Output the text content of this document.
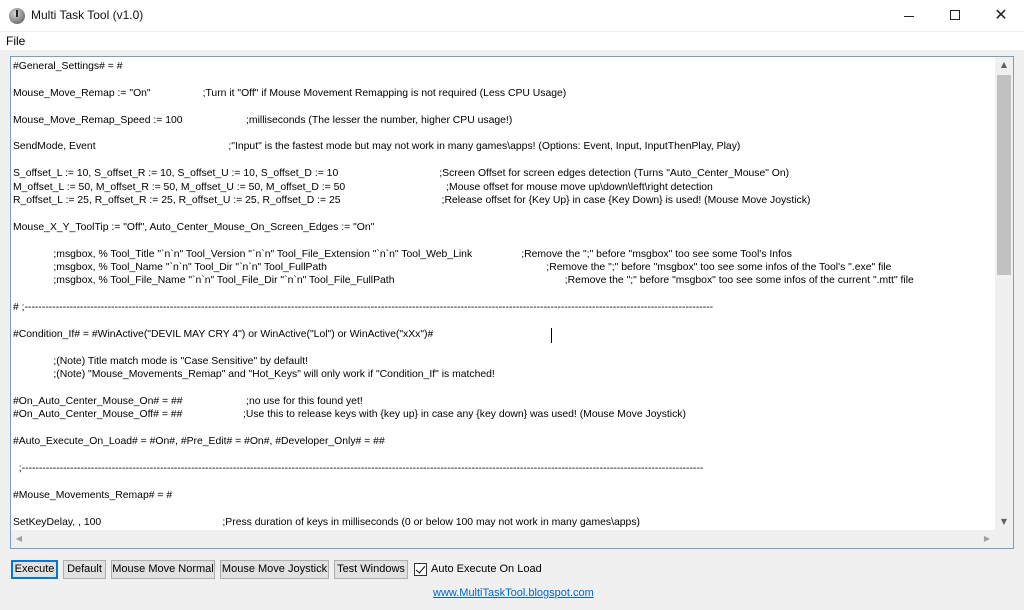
Multi Task Tool (v1.0)	✕
File
#General_Settings# = #
Mouse_Move_Remap := "On"                  ;Turn it "Off" if Mouse Movement Remapping is not required (Less CPU Usage)
Mouse_Move_Remap_Speed := 100                      ;milliseconds (The lesser the number, higher CPU usage!)
SendMode, Event                                              ;"Input" is the fastest mode but may not work in many games\apps! (Options: Event, Input, InputThenPlay, Play)
S_offset_L := 10, S_offset_R := 10, S_offset_U := 10, S_offset_D := 10                                   ;Screen Offset for screen edges detection (Turns "Auto_Center_Mouse" On)
M_offset_L := 50, M_offset_R := 50, M_offset_U := 50, M_offset_D := 50                                   ;Mouse offset for mouse move up\down\left\right detection
R_offset_L := 25, R_offset_R := 25, R_offset_U := 25, R_offset_D := 25                                   ;Release offset for {Key Up} in case {Key Down} is used! (Mouse Move Joystick)
Mouse_X_Y_ToolTip := "Off", Auto_Center_Mouse_On_Screen_Edges := "On"
;msgbox, % Tool_Title "`n`n" Tool_Version "`n`n" Tool_File_Extension "`n`n" Tool_Web_Link                 ;Remove the ";" before "msgbox" too see some Tool's Infos
;msgbox, % Tool_Name "`n`n" Tool_Dir "`n`n" Tool_FullPath                                                                            ;Remove the ";" before "msgbox" too see some infos of the Tool's ".exe" file
;msgbox, % Tool_File_Name "`n`n" Tool_File_Dir "`n`n" Tool_File_FullPath                                                           ;Remove the ";" before "msgbox" too see some infos of the current ".mtt" file
# ;-------------------------------------------------------------------------------------------------------------------------------------------------------------------------------------------------------
#Condition_If# = #WinActive("DEVIL MAY CRY 4") or WinActive("Lol") or WinActive("xXx")#
;(Note) Title match mode is "Case Sensitive" by default!
;(Note) "Mouse_Movements_Remap" and "Hot_Keys" will only work if "Condition_If" is matched!
#On_Auto_Center_Mouse_On# = ##                      ;no use for this found yet!
#On_Auto_Center_Mouse_Off# = ##                     ;Use this to release keys with {key up} in case any {key down} was used! (Mouse Move Joystick)
#Auto_Execute_On_Load# = #On#, #Pre_Edit# = #On#, #Developer_Only# = ##
;-----------------------------------------------------------------------------------------------------------------------------------------------------------------------------------------------------
#Mouse_Movements_Remap# = #
SetKeyDelay, , 100                                          ;Press duration of keys in milliseconds (0 or below 100 may not work in many games\apps)
▲
▼
◀	▶
Execute	Default Mouse Move Normal Mouse Move Joystick Test Windows Auto Execute On Load
www.MultiTaskTool.blogspot.com
